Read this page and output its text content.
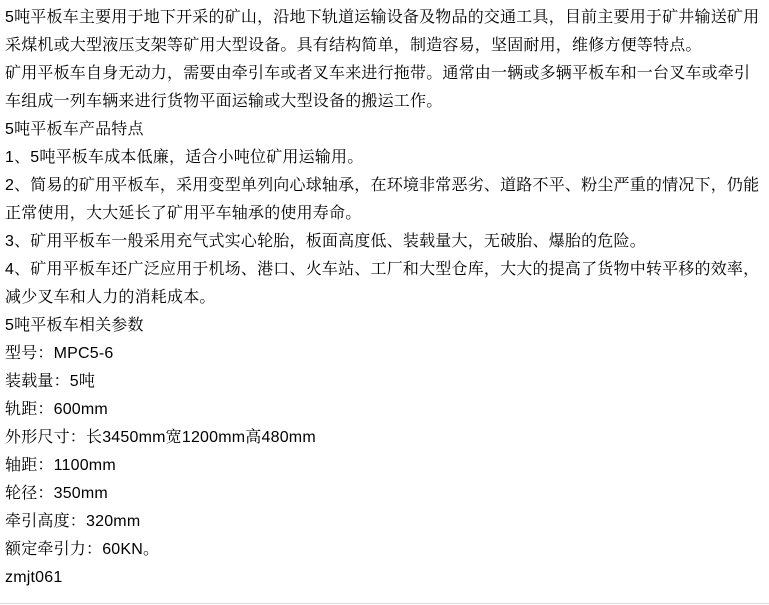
5吨平板车主要用于地下开采的矿山，沿地下轨道运输设备及物品的交通工具，目前主要用于矿井输送矿用
采煤机或大型液压支架等矿用大型设备。具有结构简单，制造容易，坚固耐用，维修方便等特点。
矿用平板车自身无动力，需要由牵引车或者叉车来进行拖带。通常由一辆或多辆平板车和一台叉车或牵引
车组成一列车辆来进行货物平面运输或大型设备的搬运工作。
5吨平板车产品特点
1、5吨平板车成本低廉，适合小吨位矿用运输用。
2、简易的矿用平板车，采用变型单列向心球轴承，在环境非常恶劣、道路不平、粉尘严重的情况下，仍能
正常使用，大大延长了矿用平车轴承的使用寿命。
3、矿用平板车一般采用充气式实心轮胎，板面高度低、装载量大，无破胎、爆胎的危险。
4、矿用平板车还广泛应用于机场、港口、火车站、工厂和大型仓库，大大的提高了货物中转平移的效率，
减少叉车和人力的消耗成本。
5吨平板车相关参数
型号：MPC5-6
装载量：5吨
轨距：600mm
外形尺寸：长3450mm宽1200mm高480mm
轴距：1100mm
轮径：350mm
牵引高度：320mm
额定牵引力：60KN。
zmjt061
